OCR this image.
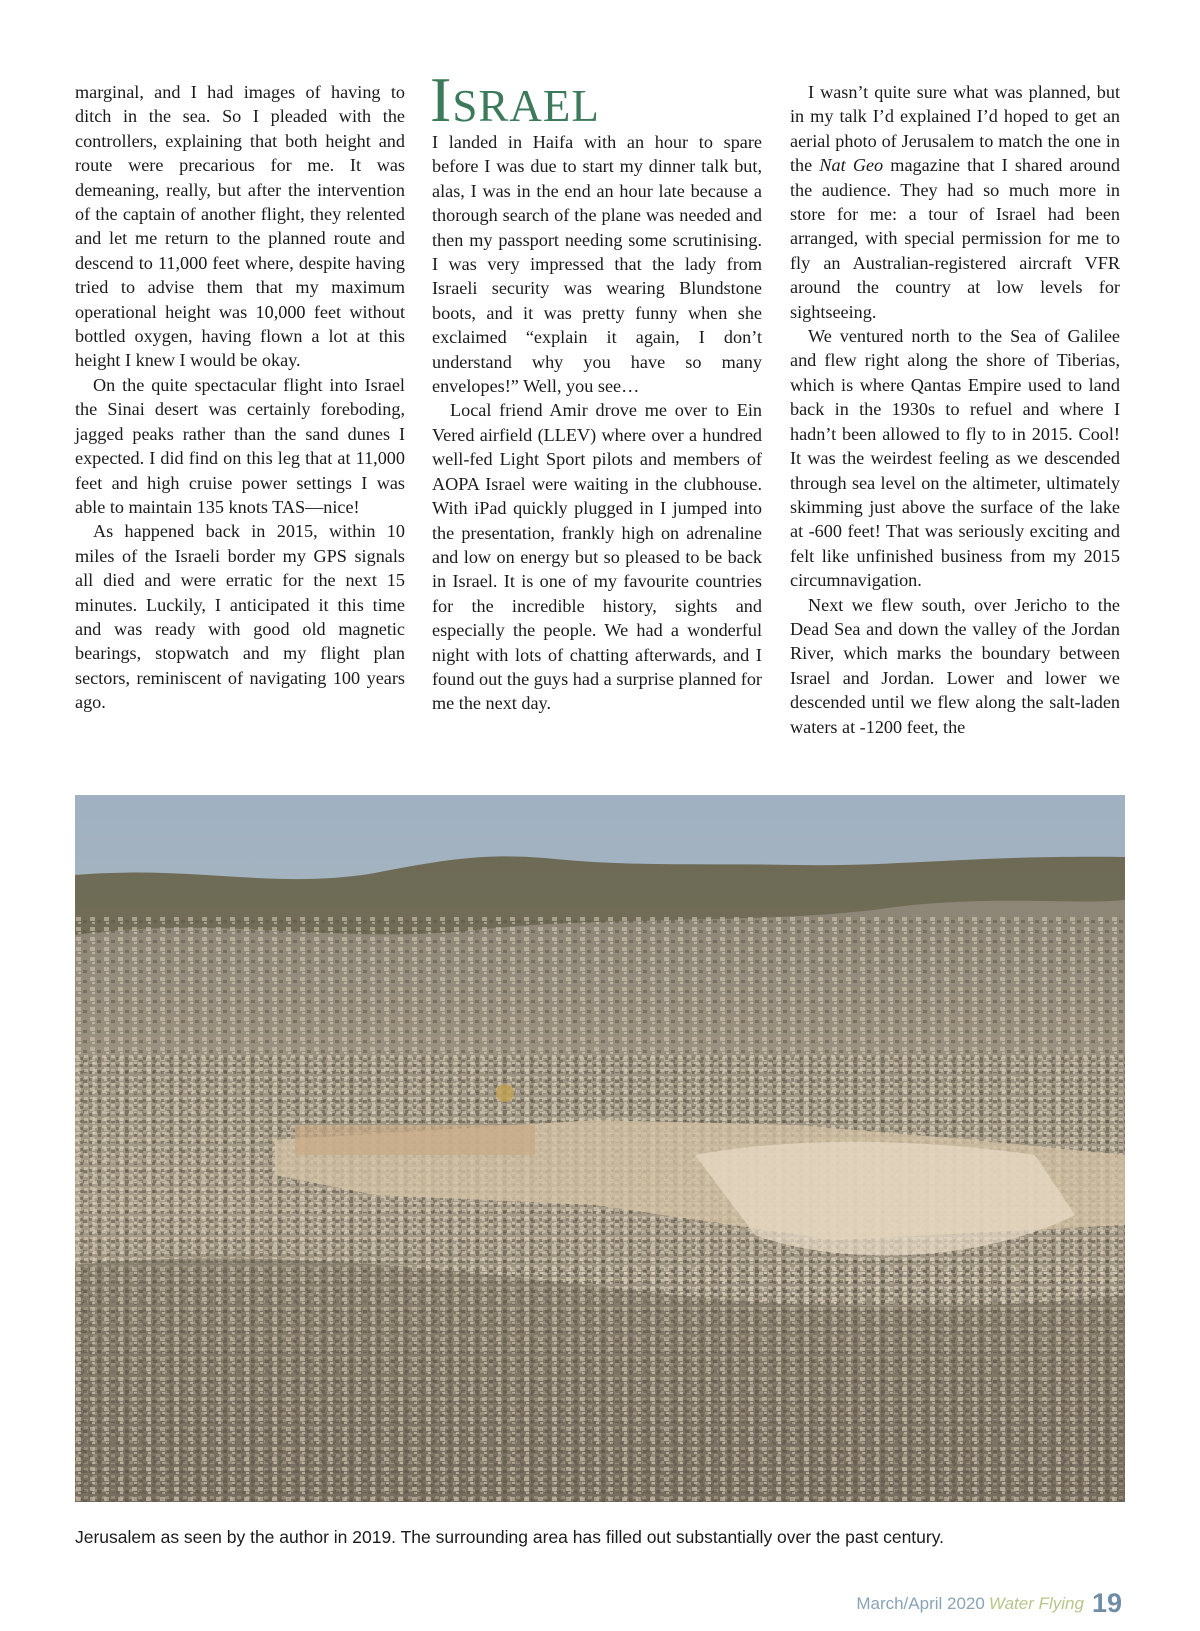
marginal, and I had images of having to ditch in the sea. So I pleaded with the controllers, explaining that both height and route were precarious for me. It was demeaning, really, but after the intervention of the captain of another flight, they relented and let me return to the planned route and descend to 11,000 feet where, despite having tried to advise them that my maximum operational height was 10,000 feet without bottled oxygen, having flown a lot at this height I knew I would be okay.

On the quite spectacular flight into Israel the Sinai desert was certainly foreboding, jagged peaks rather than the sand dunes I expected. I did find on this leg that at 11,000 feet and high cruise power settings I was able to maintain 135 knots TAS—nice!

As happened back in 2015, within 10 miles of the Israeli border my GPS signals all died and were erratic for the next 15 minutes. Luckily, I anticipated it this time and was ready with good old magnetic bearings, stopwatch and my flight plan sectors, reminiscent of navigating 100 years ago.

Israel

I landed in Haifa with an hour to spare before I was due to start my dinner talk but, alas, I was in the end an hour late because a thorough search of the plane was needed and then my passport needing some scrutinising. I was very impressed that the lady from Israeli security was wearing Blundstone boots, and it was pretty funny when she exclaimed “explain it again, I don’t understand why you have so many envelopes!” Well, you see…

Local friend Amir drove me over to Ein Vered airfield (LLEV) where over a hundred well-fed Light Sport pilots and members of AOPA Israel were waiting in the clubhouse. With iPad quickly plugged in I jumped into the presentation, frankly high on adrenaline and low on energy but so pleased to be back in Israel. It is one of my favourite countries for the incredible history, sights and especially the people. We had a wonderful night with lots of chatting afterwards, and I found out the guys had a surprise planned for me the next day.

I wasn’t quite sure what was planned, but in my talk I’d explained I’d hoped to get an aerial photo of Jerusalem to match the one in the Nat Geo magazine that I shared around the audience. They had so much more in store for me: a tour of Israel had been arranged, with special permission for me to fly an Australian-registered aircraft VFR around the country at low levels for sightseeing.

We ventured north to the Sea of Galilee and flew right along the shore of Tiberias, which is where Qantas Empire used to land back in the 1930s to refuel and where I hadn’t been allowed to fly to in 2015. Cool! It was the weirdest feeling as we descended through sea level on the altimeter, ultimately skimming just above the surface of the lake at -600 feet! That was seriously exciting and felt like unfinished business from my 2015 circumnavigation.

Next we flew south, over Jericho to the Dead Sea and down the valley of the Jordan River, which marks the boundary between Israel and Jordan. Lower and lower we descended until we flew along the salt-laden waters at -1200 feet, the

Jerusalem as seen by the author in 2019. The surrounding area has filled out substantially over the past century.
March/April 2020 Water Flying 19
